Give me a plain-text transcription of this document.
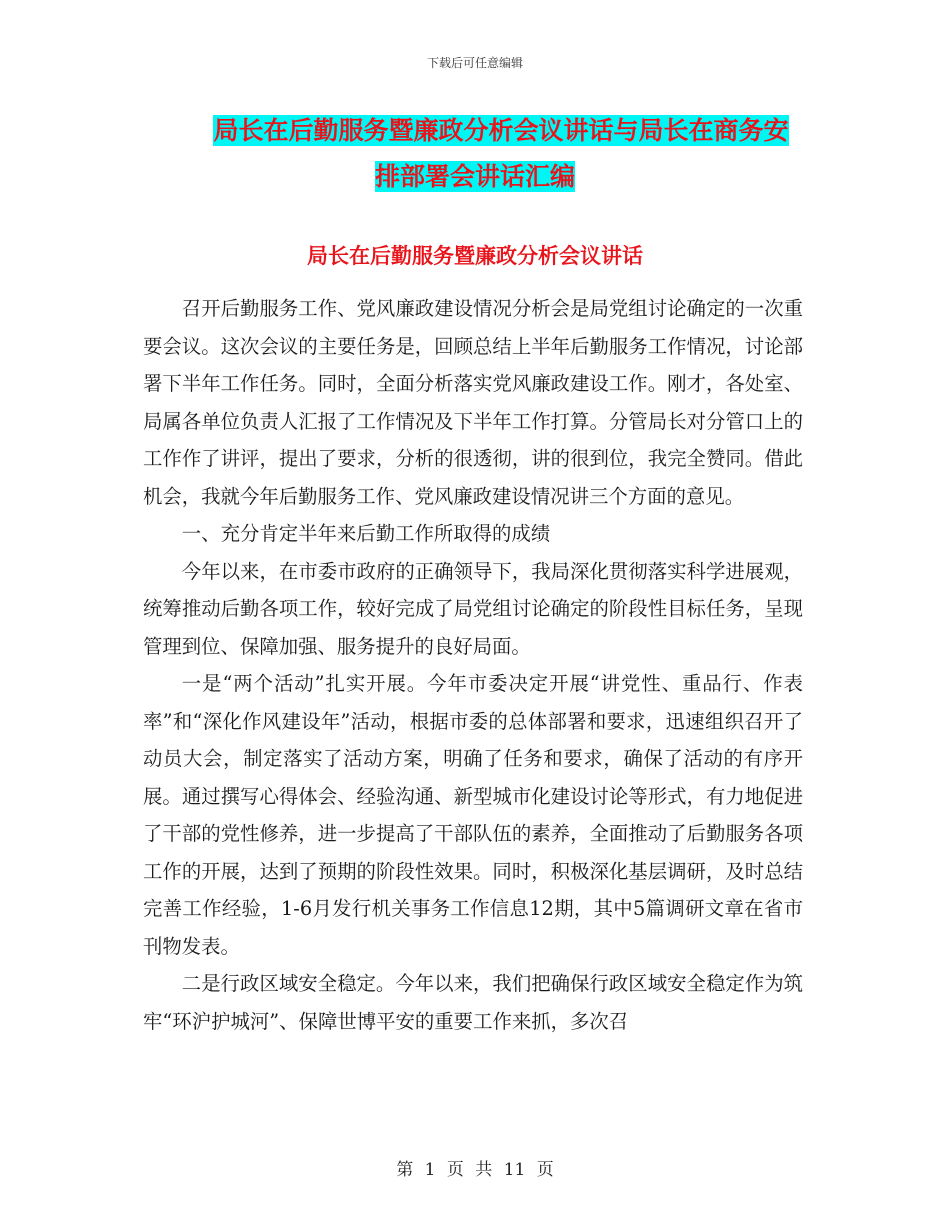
下载后可任意编辑
局长在后勤服务暨廉政分析会议讲话与局长在商务安
排部署会讲话汇编
局长在后勤服务暨廉政分析会议讲话

召开后勤服务工作、党风廉政建设情况分析会是局党组讨论确定的一次重要会议。这次会议的主要任务是，回顾总结上半年后勤服务工作情况，讨论部署下半年工作任务。同时，全面分析落实党风廉政建设工作。刚才，各处室、局属各单位负责人汇报了工作情况及下半年工作打算。分管局长对分管口上的工作作了讲评，提出了要求，分析的很透彻，讲的很到位，我完全赞同。借此机会，我就今年后勤服务工作、党风廉政建设情况讲三个方面的意见。

一、充分肯定半年来后勤工作所取得的成绩

今年以来，在市委市政府的正确领导下，我局深化贯彻落实科学进展观，统筹推动后勤各项工作，较好完成了局党组讨论确定的阶段性目标任务，呈现管理到位、保障加强、服务提升的良好局面。

一是“两个活动”扎实开展。今年市委决定开展“讲党性、重品行、作表率”和“深化作风建设年”活动，根据市委的总体部署和要求，迅速组织召开了动员大会，制定落实了活动方案，明确了任务和要求，确保了活动的有序开展。通过撰写心得体会、经验沟通、新型城市化建设讨论等形式，有力地促进了干部的党性修养，进一步提高了干部队伍的素养，全面推动了后勤服务各项工作的开展，达到了预期的阶段性效果。同时，积极深化基层调研，及时总结完善工作经验，1-6月发行机关事务工作信息12期，其中5篇调研文章在省市刊物发表。

二是行政区域安全稳定。今年以来，我们把确保行政区域安全稳定作为筑牢“环沪护城河”、保障世博平安的重要工作来抓，多次召

第 1 页 共 11 页
